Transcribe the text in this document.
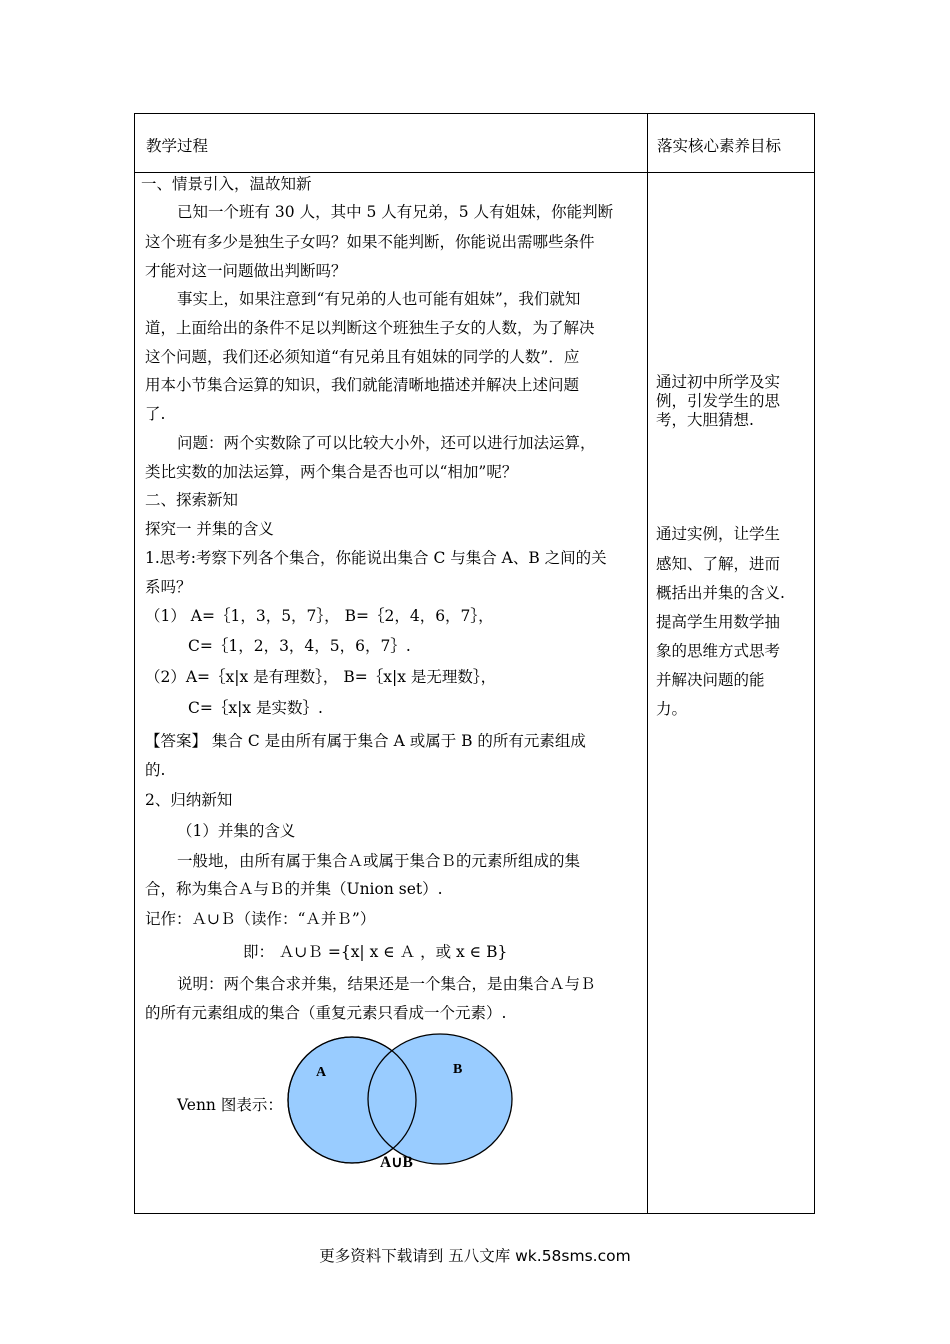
教学过程	落实核心素养目标
一、情景引入，温故知新
已知一个班有 30 人，其中 5 人有兄弟，5 人有姐妹，你能判断
这个班有多少是独生子女吗？如果不能判断，你能说出需哪些条件
才能对这一问题做出判断吗？
事实上，如果注意到“有兄弟的人也可能有姐妹”，我们就知
道，上面给出的条件不足以判断这个班独生子女的人数，为了解决
这个问题，我们还必须知道“有兄弟且有姐妹的同学的人数”．应
用本小节集合运算的知识，我们就能清晰地描述并解决上述问题
了.
问题：两个实数除了可以比较大小外，还可以进行加法运算，
类比实数的加法运算，两个集合是否也可以“相加”呢？
二、探索新知
探究一 并集的含义
1.思考:考察下列各个集合，你能说出集合 C 与集合 A、B 之间的关
系吗？
（1） A=｛1，3，5，7｝， B=｛2，4，6，7｝，
C=｛1，2，3，4，5，6，7｝.
（2）A=｛x|x 是有理数｝， B=｛x|x 是无理数｝，
C=｛x|x 是实数｝.
【答案】 集合 C 是由所有属于集合 A 或属于 B 的所有元素组成
的.
2、归纳新知
（1）并集的含义
一般地，由所有属于集合Ａ或属于集合Ｂ的元素所组成的集
合，称为集合Ａ与Ｂ的并集（Union set）.
记作：Ａ∪Ｂ（读作：“Ａ并Ｂ”）
即： Ａ∪Ｂ ={x| x ∈ Ａ ，或 x ∈ B}
说明：两个集合求并集，结果还是一个集合，是由集合Ａ与Ｂ
的所有元素组成的集合（重复元素只看成一个元素）.
Venn 图表示：
A	B
A∪B
通过初中所学及实
例，引发学生的思
考，大胆猜想.
通过实例，让学生
感知、了解，进而
概括出并集的含义.
提高学生用数学抽
象的思维方式思考
并解决问题的能
力。
更多资料下载请到 五八文库 wk.58sms.com
